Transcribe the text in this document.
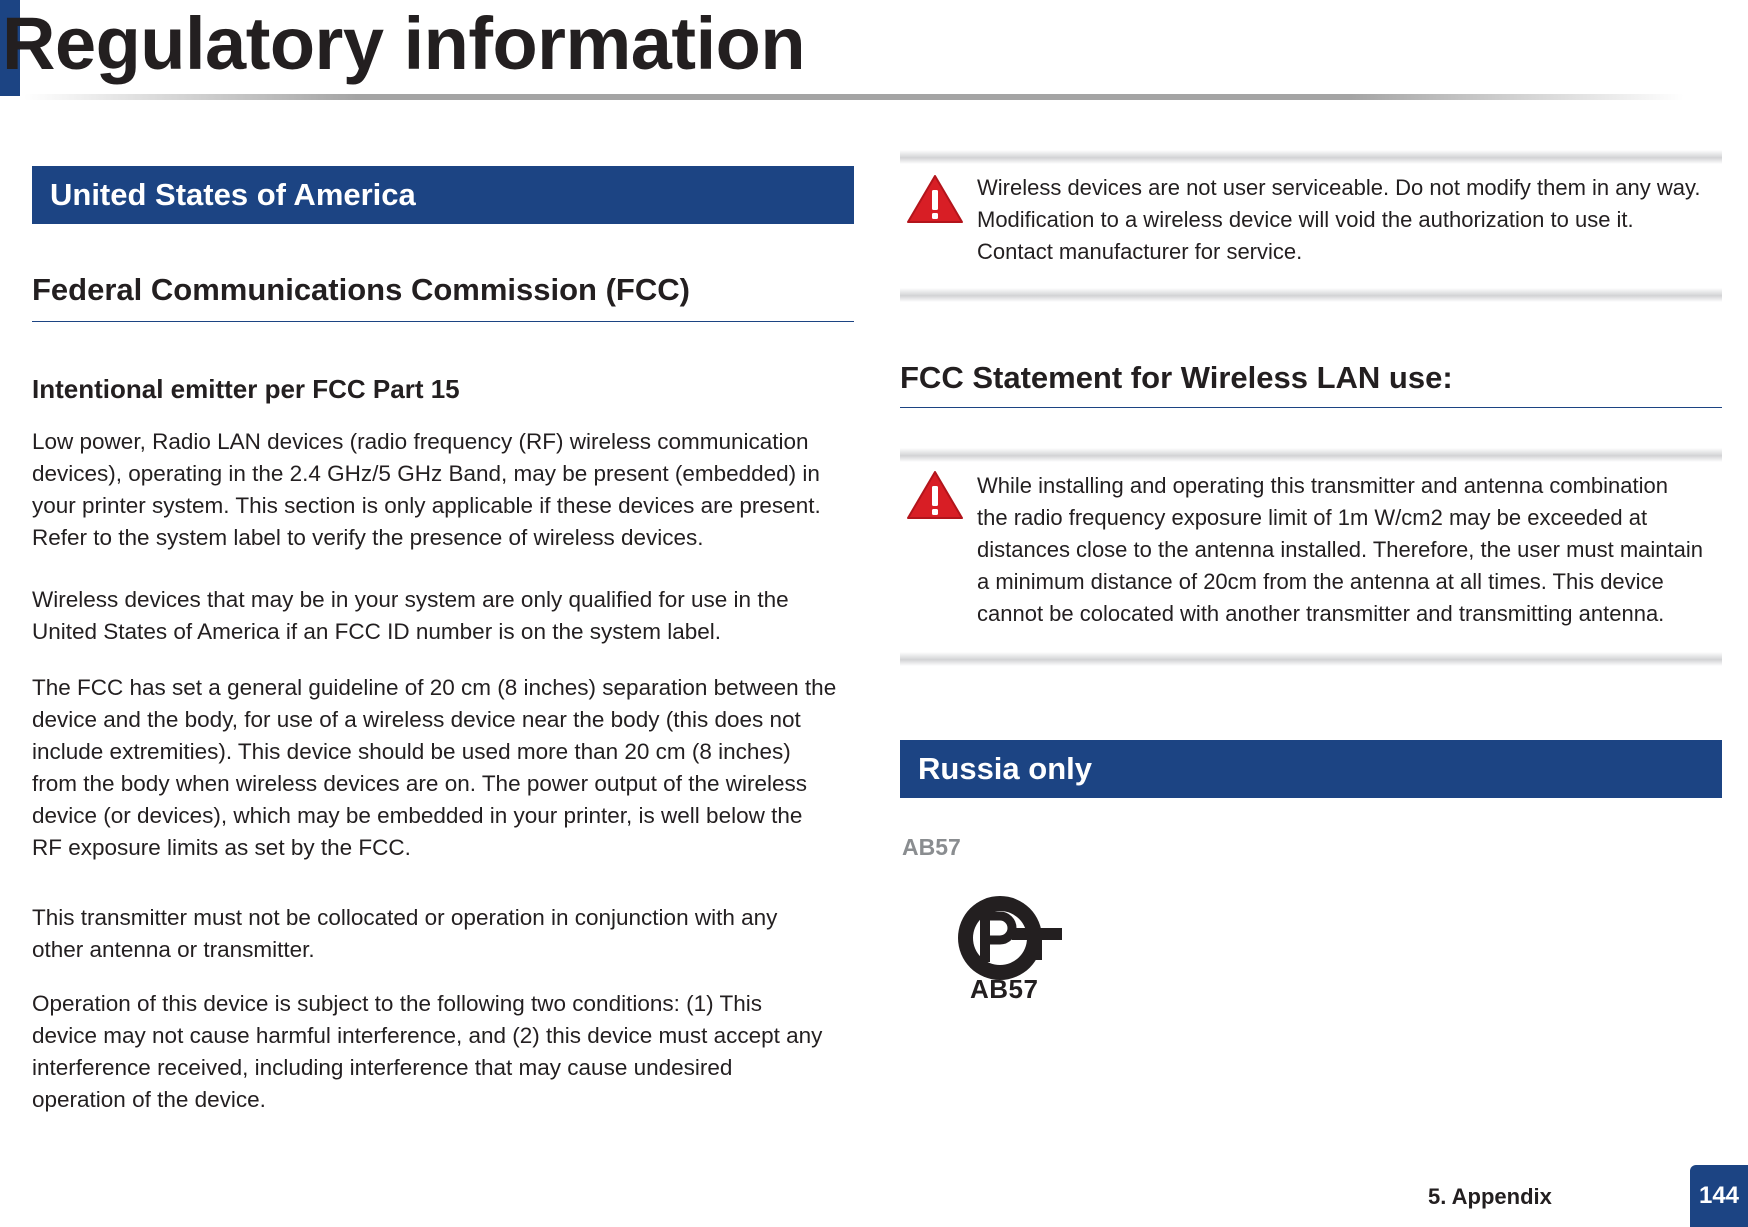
Regulatory information
United States of America
Federal Communications Commission (FCC)
Intentional emitter per FCC Part 15
Low power, Radio LAN devices (radio frequency (RF) wireless communication
devices), operating in the 2.4 GHz/5 GHz Band, may be present (embedded) in
your printer system. This section is only applicable if these devices are present.
Refer to the system label to verify the presence of wireless devices.
Wireless devices that may be in your system are only qualified for use in the
United States of America if an FCC ID number is on the system label.
The FCC has set a general guideline of 20 cm (8 inches) separation between the
device and the body, for use of a wireless device near the body (this does not
include extremities). This device should be used more than 20 cm (8 inches)
from the body when wireless devices are on. The power output of the wireless
device (or devices), which may be embedded in your printer, is well below the
RF exposure limits as set by the FCC.
This transmitter must not be collocated or operation in conjunction with any
other antenna or transmitter.
Operation of this device is subject to the following two conditions: (1) This
device may not cause harmful interference, and (2) this device must accept any
interference received, including interference that may cause undesired
operation of the device.
Wireless devices are not user serviceable. Do not modify them in any way.
Modification to a wireless device will void the authorization to use it.
Contact manufacturer for service.
FCC Statement for Wireless LAN use:
While installing and operating this transmitter and antenna combination
the radio frequency exposure limit of 1m W/cm2 may be exceeded at
distances close to the antenna installed. Therefore, the user must maintain
a minimum distance of 20cm from the antenna at all times. This device
cannot be colocated with another transmitter and transmitting antenna.
Russia only
AB57
AB57
5. Appendix	144
